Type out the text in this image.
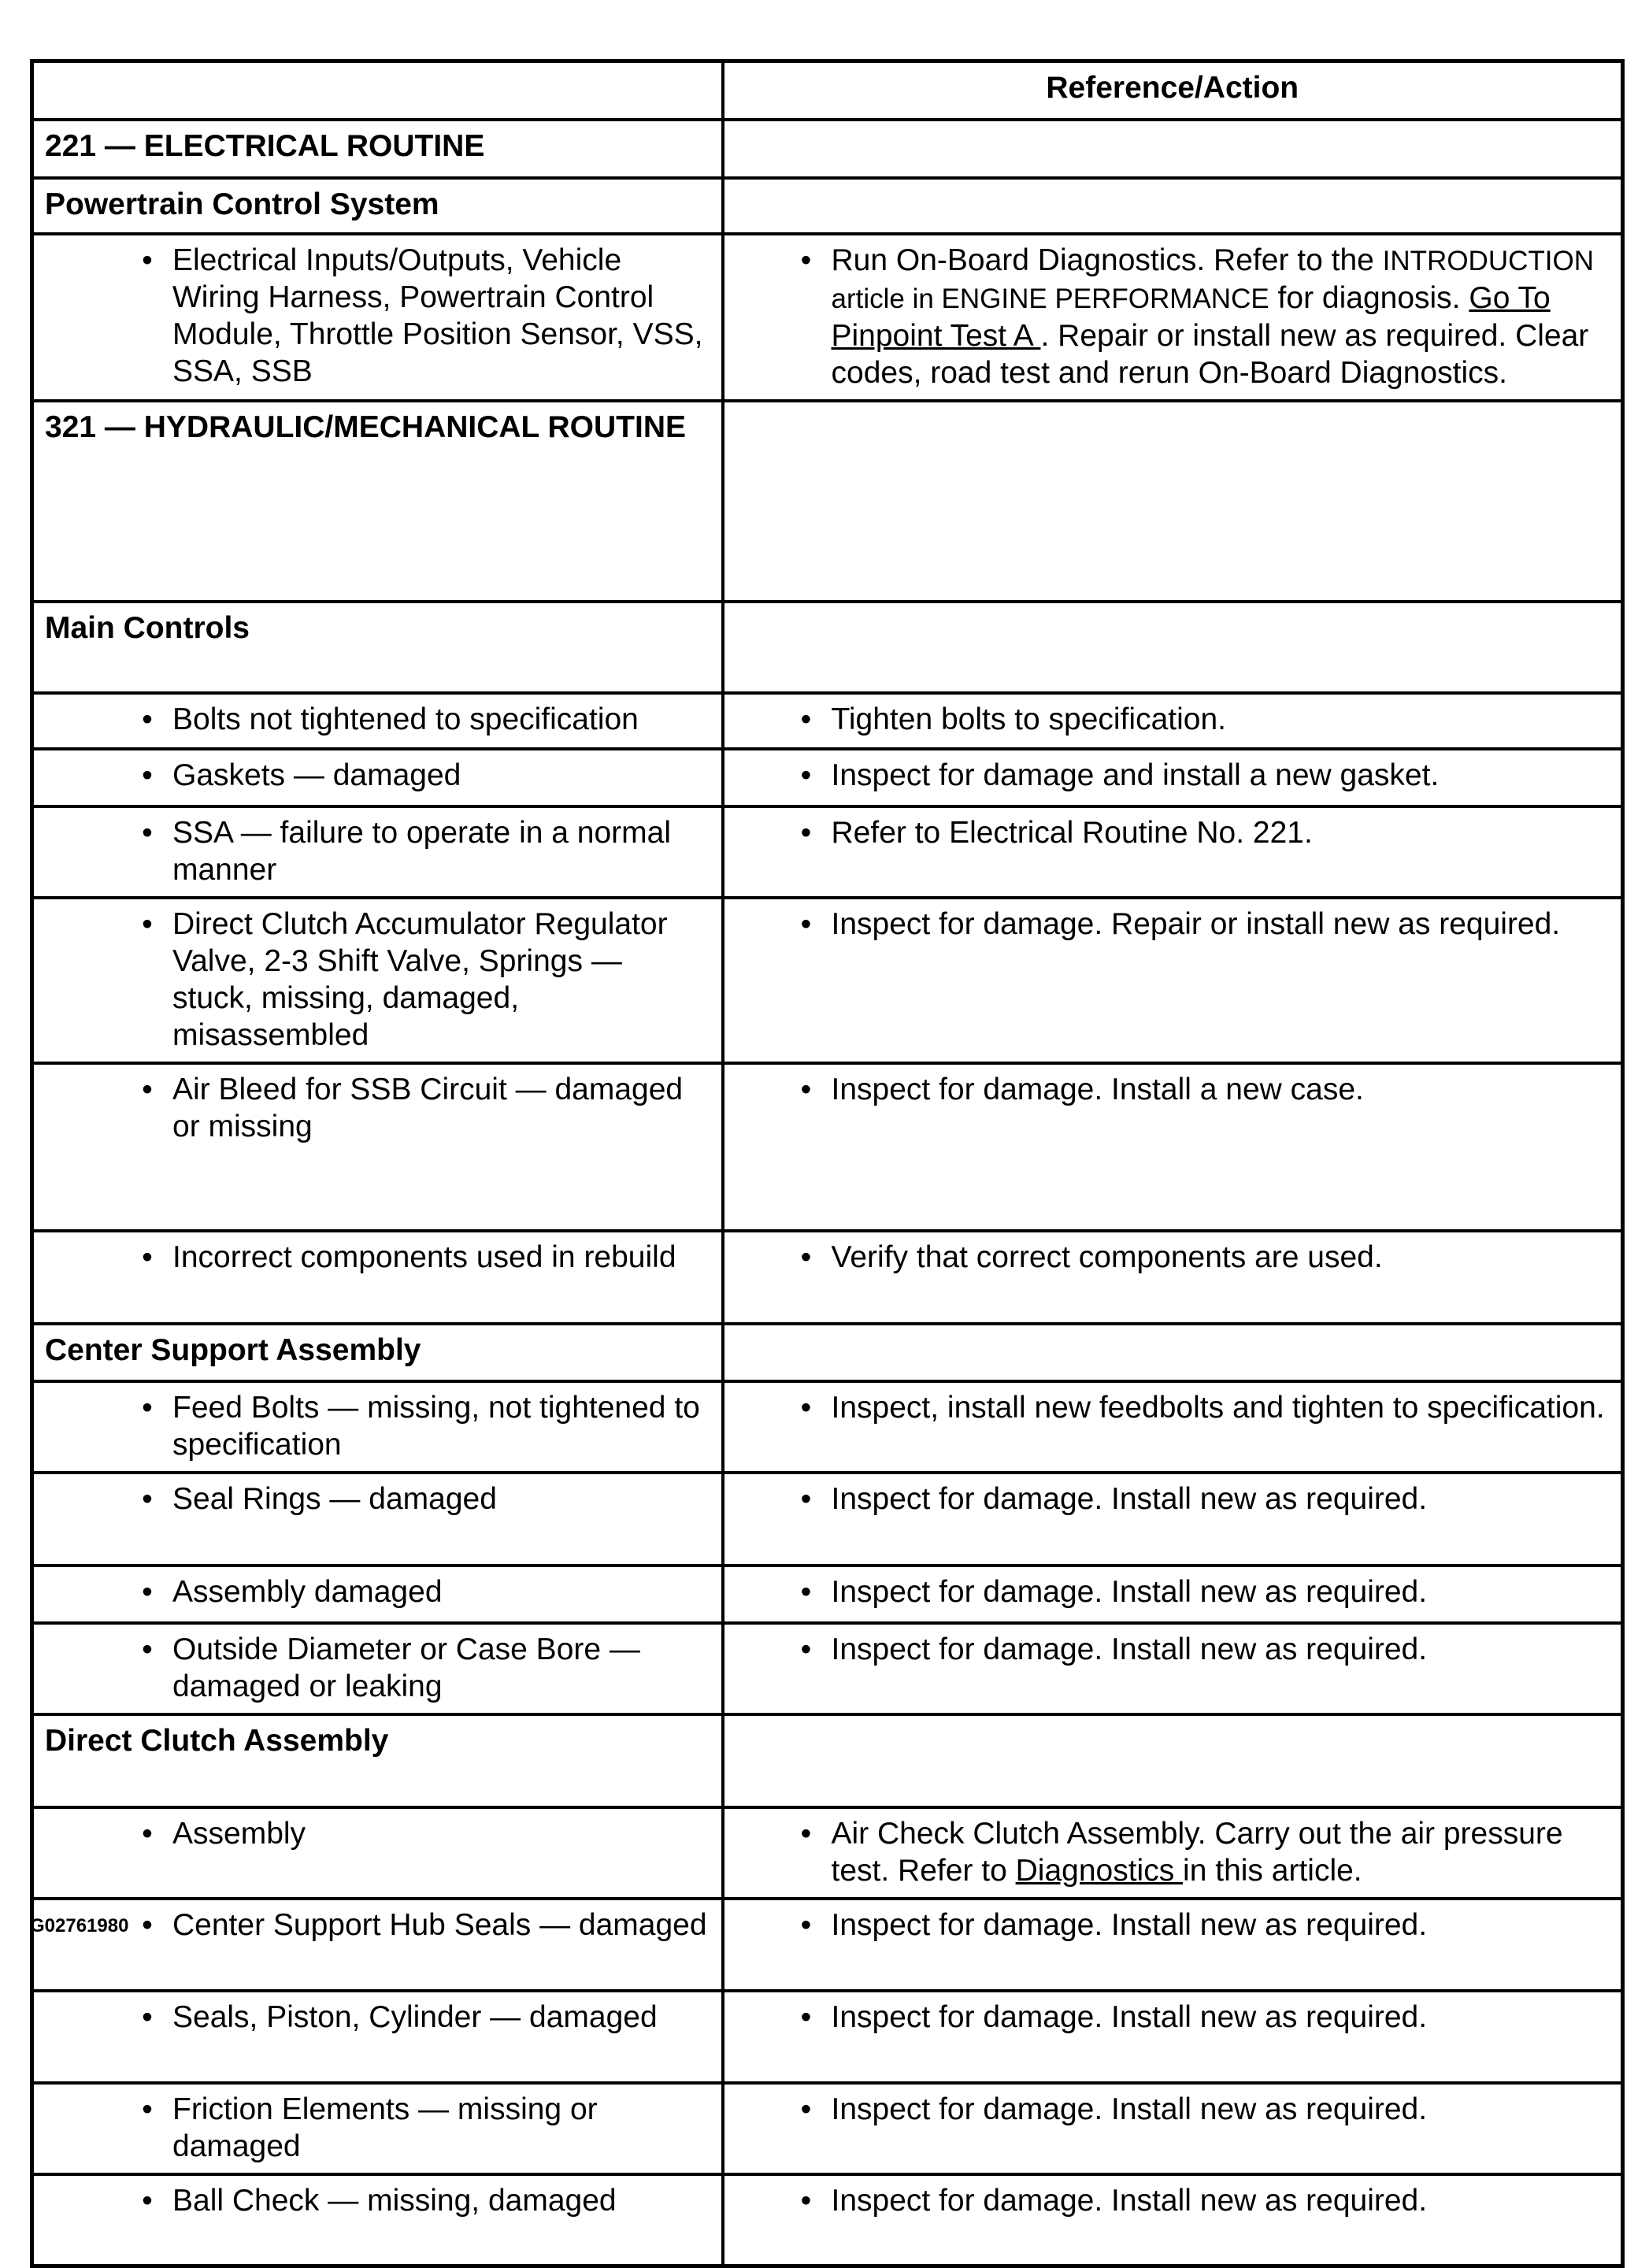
	Reference/Action
221 — ELECTRICAL ROUTINE	
Powertrain Control System	

• Electrical Inputs/Outputs, Vehicle Wiring Harness, Powertrain Control Module, Throttle Position Sensor, VSS, SSA, SSB	• Run On-Board Diagnostics. Refer to the INTRODUCTION article in ENGINE PERFORMANCE for diagnosis. Go To Pinpoint Test A . Repair or install new as required. Clear codes, road test and rerun On-Board Diagnostics.

321 — HYDRAULIC/MECHANICAL ROUTINE	
Main Controls	

• Bolts not tightened to specification	• Tighten bolts to specification.

• Gaskets — damaged	• Inspect for damage and install a new gasket.

• SSA — failure to operate in a normal manner	• Refer to Electrical Routine No. 221.

• Direct Clutch Accumulator Regulator Valve, 2-3 Shift Valve, Springs — stuck, missing, damaged, misassembled	• Inspect for damage. Repair or install new as required.

• Air Bleed for SSB Circuit — damaged or missing	• Inspect for damage. Install a new case.

• Incorrect components used in rebuild	• Verify that correct components are used.

Center Support Assembly	

• Feed Bolts — missing, not tightened to specification	• Inspect, install new feedbolts and tighten to specification.

• Seal Rings — damaged	• Inspect for damage. Install new as required.

• Assembly damaged	• Inspect for damage. Install new as required.

• Outside Diameter or Case Bore — damaged or leaking	• Inspect for damage. Install new as required.

Direct Clutch Assembly	

• Assembly	• Air Check Clutch Assembly. Carry out the air pressure test. Refer to Diagnostics in this article.

• Center Support Hub Seals — damaged	• Inspect for damage. Install new as required.

• Seals, Piston, Cylinder — damaged	• Inspect for damage. Install new as required.

• Friction Elements — missing or damaged	• Inspect for damage. Install new as required.

• Ball Check — missing, damaged	• Inspect for damage. Install new as required.
G02761980
